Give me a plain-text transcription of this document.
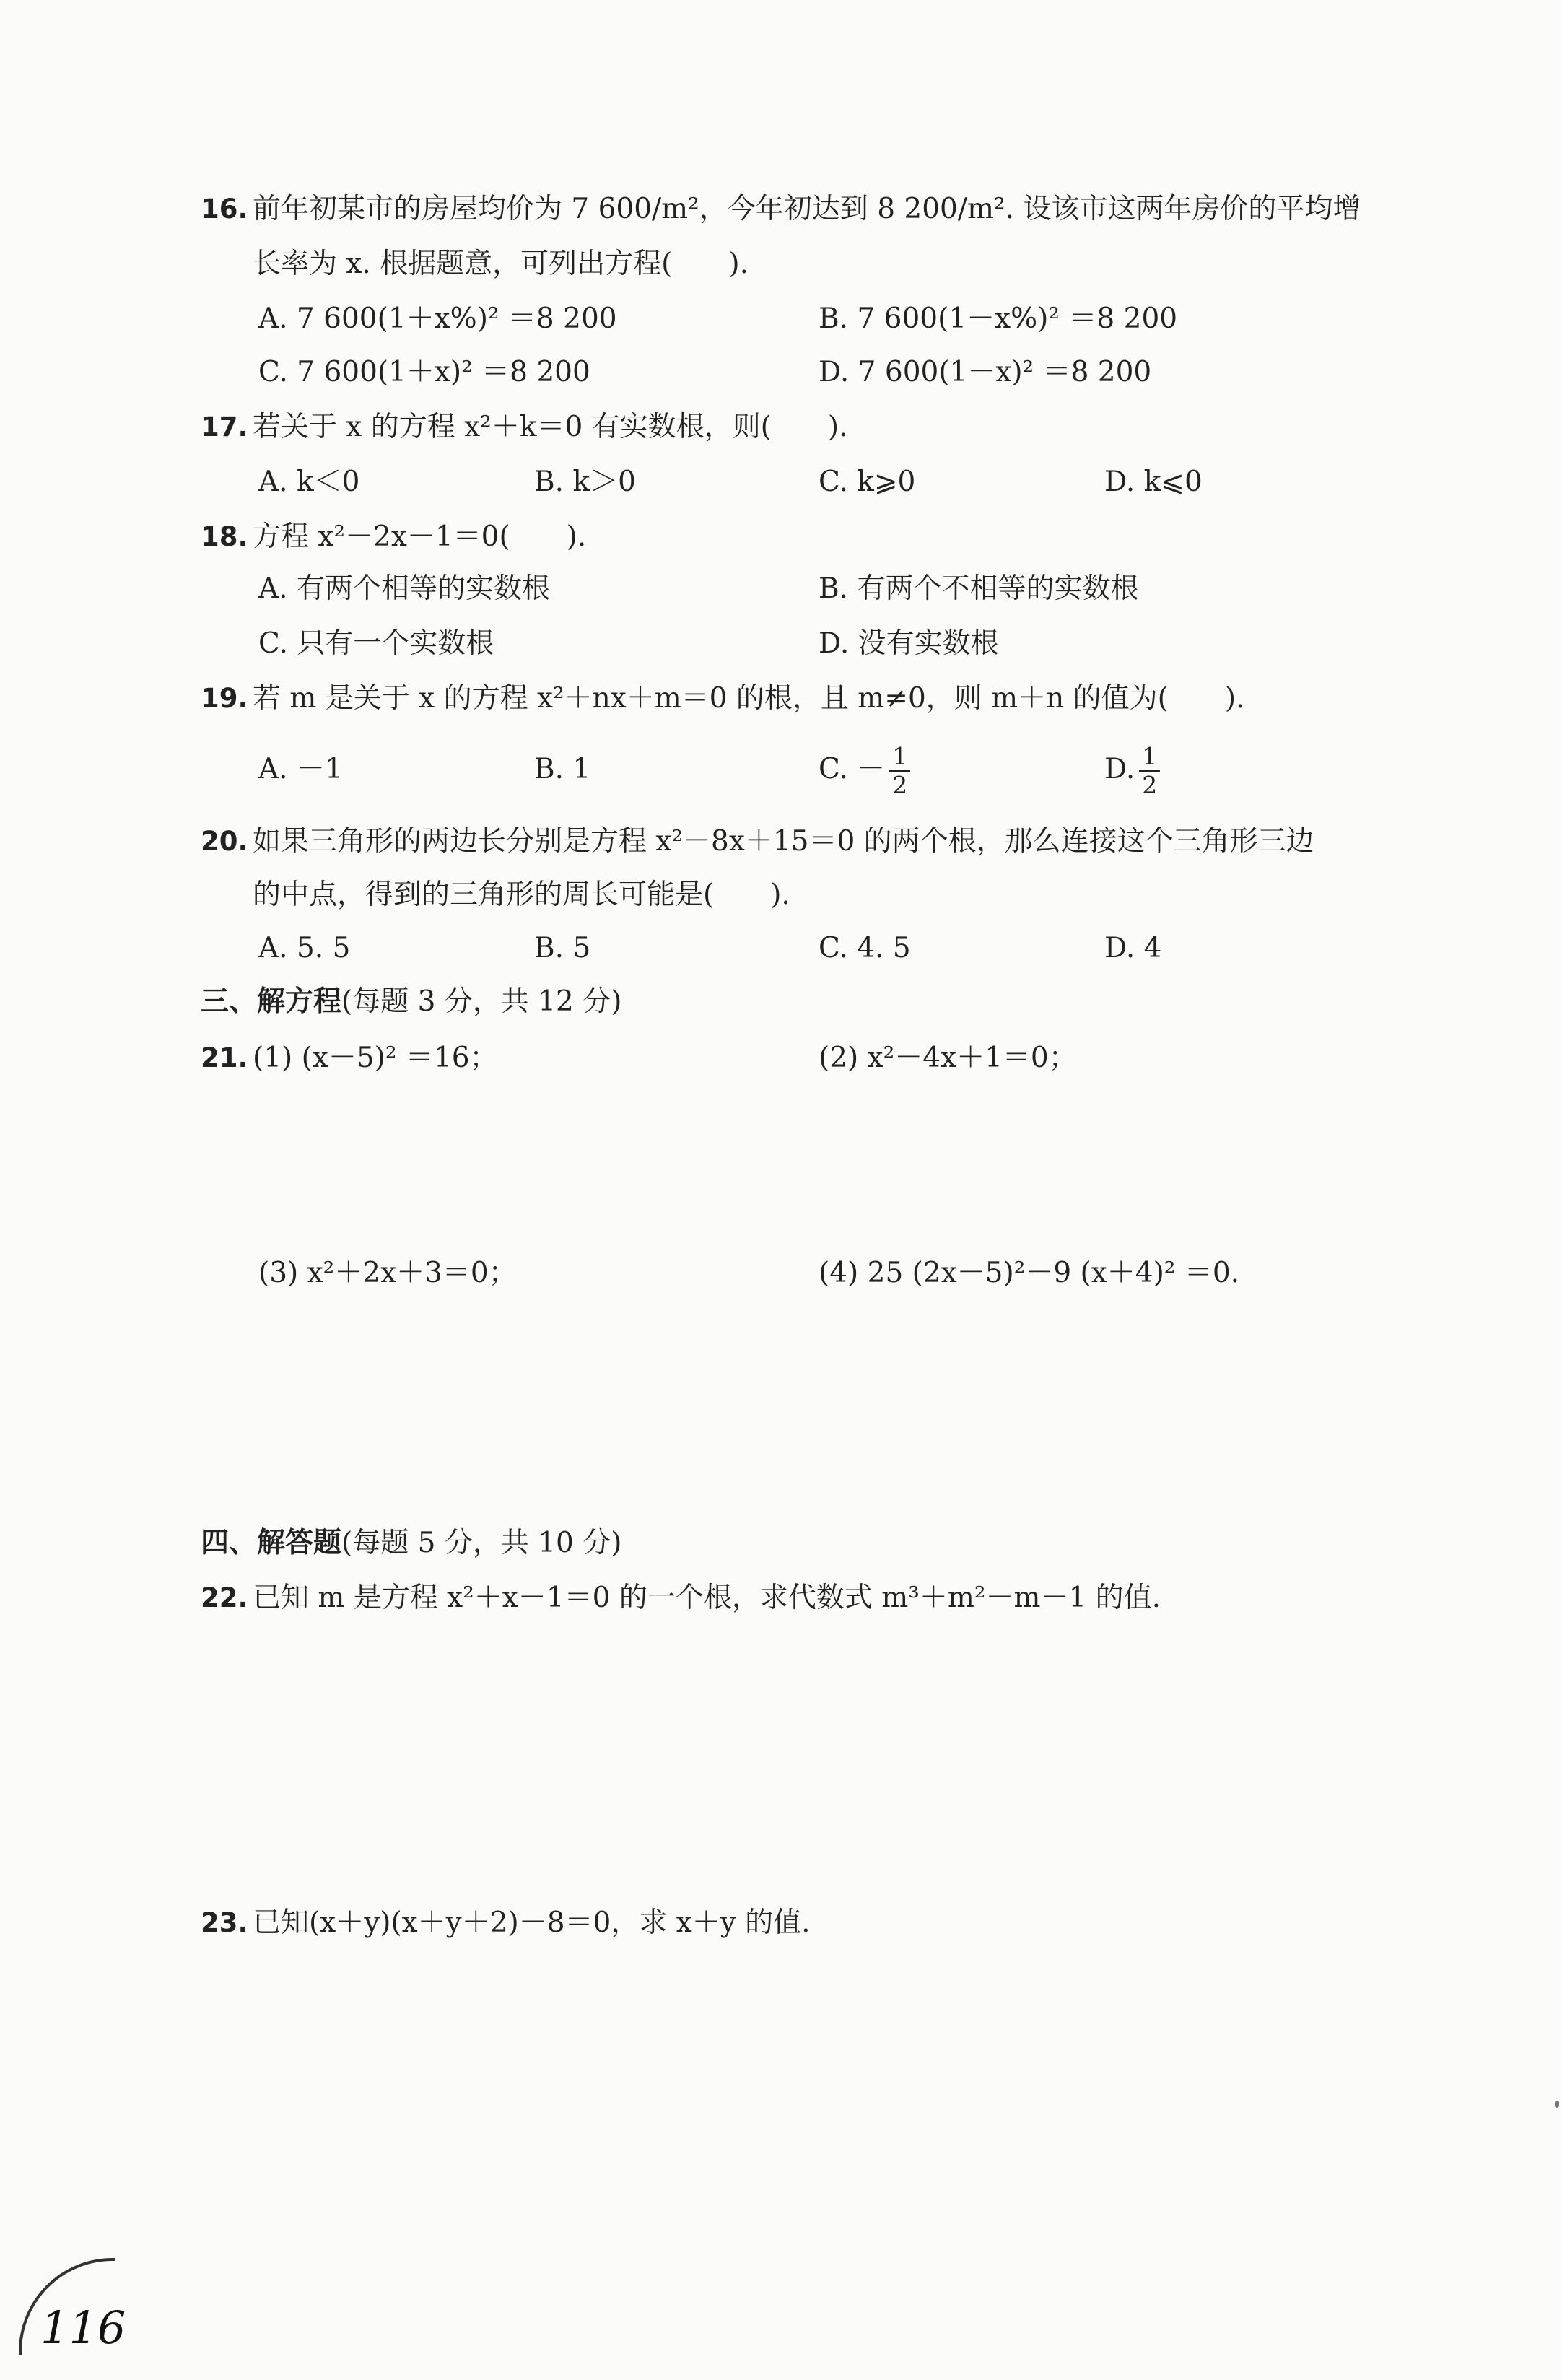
16. 前年初某市的房屋均价为 7 600/m²，今年初达到 8 200/m². 设该市这两年房价的平均增
长率为 x. 根据题意，可列出方程(　　).
A. 7 600(1＋x%)² ＝8 200	B. 7 600(1－x%)² ＝8 200
C. 7 600(1＋x)² ＝8 200	D. 7 600(1－x)² ＝8 200
17. 若关于 x 的方程 x²＋k＝0 有实数根，则(　　).
A. k＜0	B. k＞0	C. k⩾0	D. k⩽0
18. 方程 x²－2x－1＝0(　　).
A. 有两个相等的实数根	B. 有两个不相等的实数根
C. 只有一个实数根	D. 没有实数根
19. 若 m 是关于 x 的方程 x²＋nx＋m＝0 的根，且 m≠0，则 m＋n 的值为(　　).
A. －1	B. 1	C. － $\frac{1}{2}$	D. $\frac{1}{2}$
20. 如果三角形的两边长分别是方程 x²－8x＋15＝0 的两个根，那么连接这个三角形三边
的中点，得到的三角形的周长可能是(　　).
A. 5. 5	B. 5	C. 4. 5	D. 4
三、解方程(每题 3 分，共 12 分)
21. (1) (x－5)² ＝16；	(2) x²－4x＋1＝0；
(3) x²＋2x＋3＝0；	(4) 25 (2x－5)²－9 (x＋4)² ＝0.
四、解答题(每题 5 分，共 10 分)
22. 已知 m 是方程 x²＋x－1＝0 的一个根，求代数式 m³＋m²－m－1 的值.
23. 已知(x＋y)(x＋y＋2)－8＝0，求 x＋y 的值.
116
